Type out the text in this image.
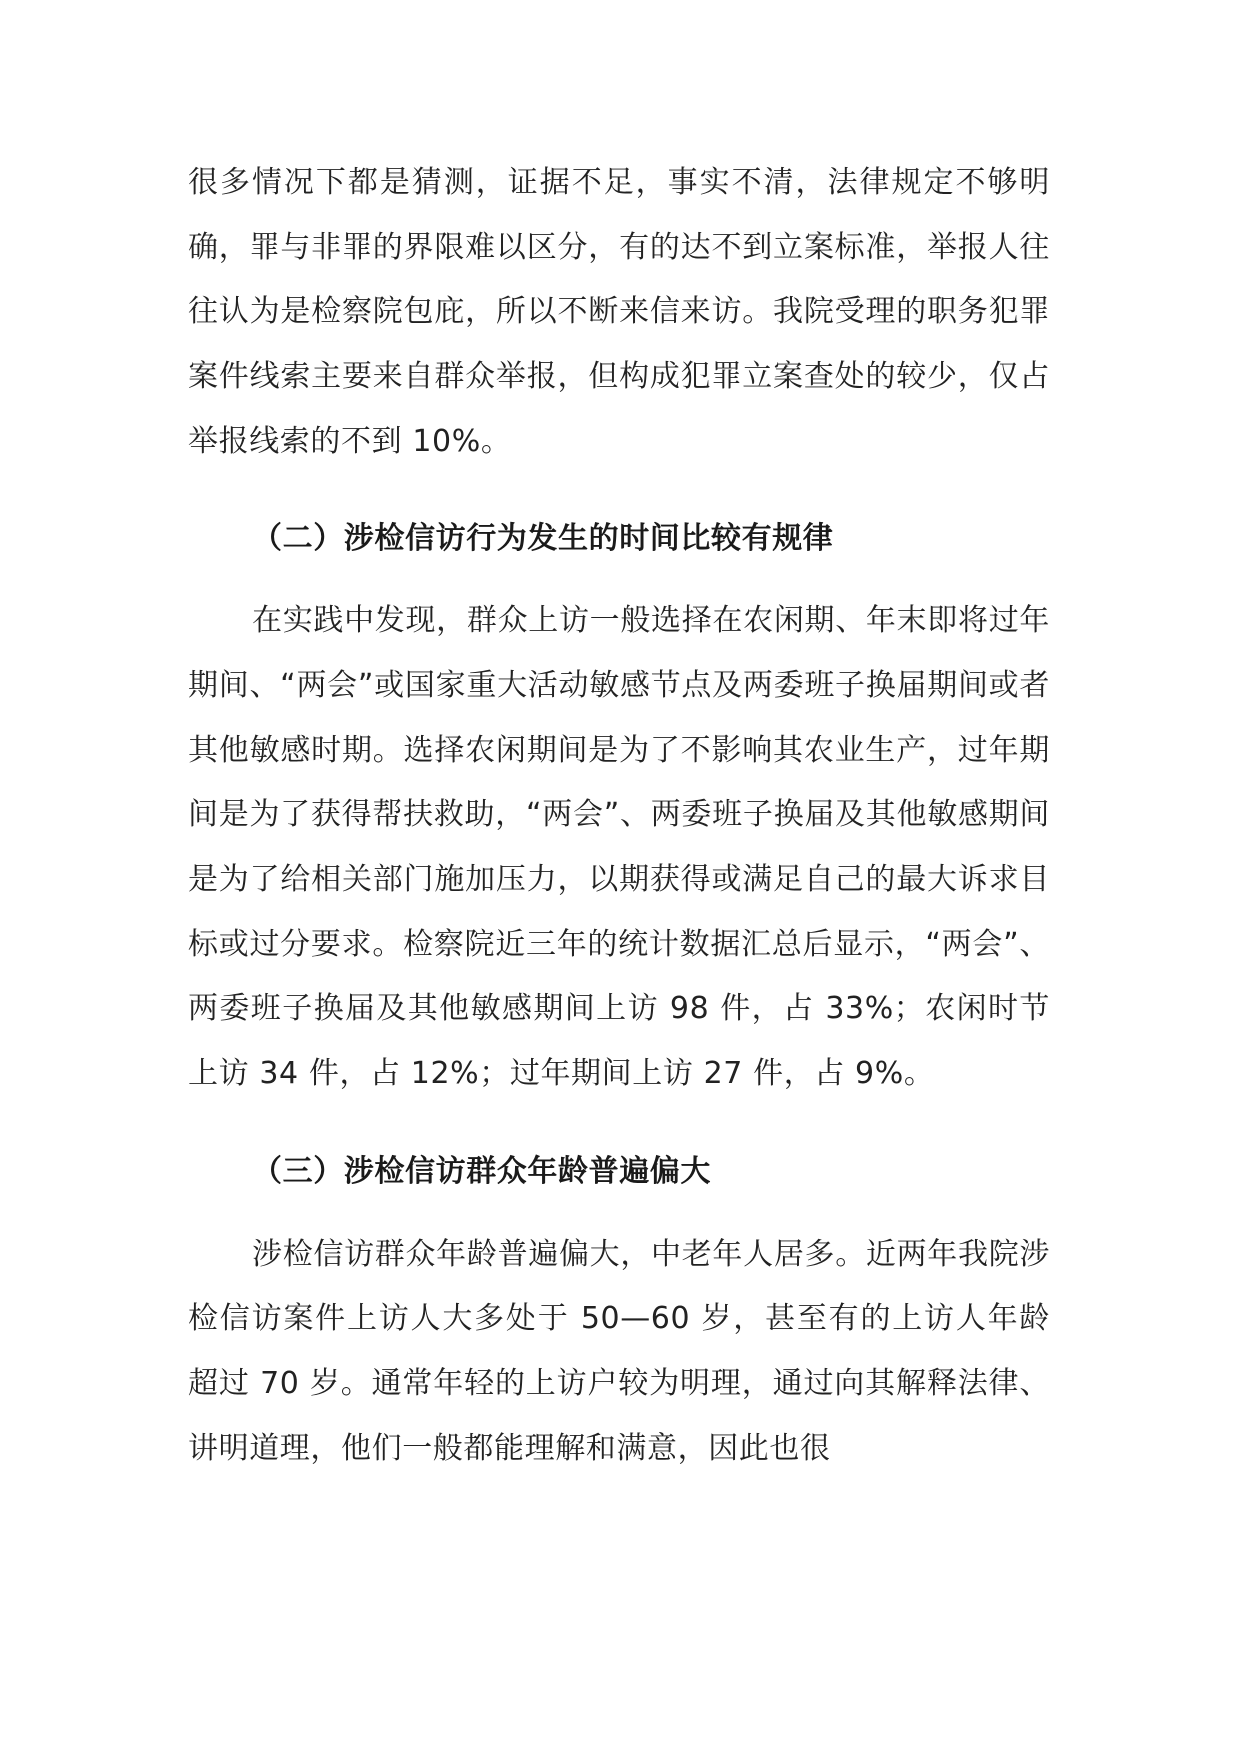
很多情况下都是猜测，证据不足，事实不清，法律规定不够明确，罪与非罪的界限难以区分，有的达不到立案标准，举报人往往认为是检察院包庇，所以不断来信来访。我院受理的职务犯罪案件线索主要来自群众举报，但构成犯罪立案查处的较少，仅占举报线索的不到 10%。

（二）涉检信访行为发生的时间比较有规律

在实践中发现，群众上访一般选择在农闲期、年末即将过年期间、“两会”或国家重大活动敏感节点及两委班子换届期间或者其他敏感时期。选择农闲期间是为了不影响其农业生产，过年期间是为了获得帮扶救助，“两会”、两委班子换届及其他敏感期间是为了给相关部门施加压力，以期获得或满足自己的最大诉求目标或过分要求。检察院近三年的统计数据汇总后显示，“两会”、两委班子换届及其他敏感期间上访 98 件，占 33%；农闲时节上访 34 件，占 12%；过年期间上访 27 件，占 9%。

（三）涉检信访群众年龄普遍偏大

涉检信访群众年龄普遍偏大，中老年人居多。近两年我院涉检信访案件上访人大多处于 50—60 岁，甚至有的上访人年龄超过 70 岁。通常年轻的上访户较为明理，通过向其解释法律、讲明道理，他们一般都能理解和满意，因此也很
